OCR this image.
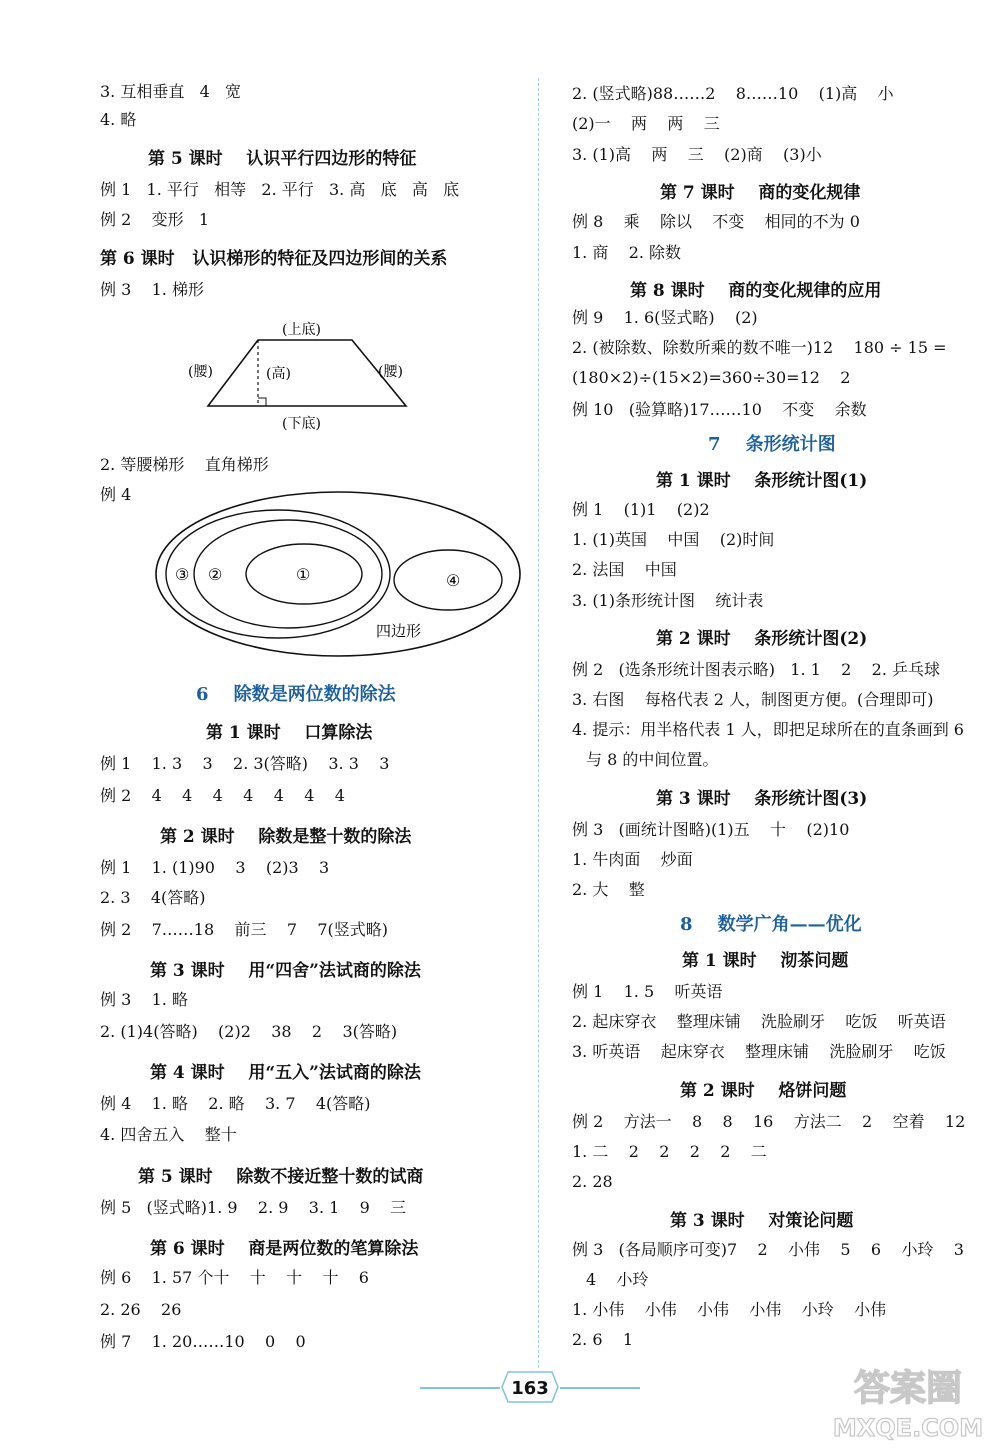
3. 互相垂直   4   宽
4. 略
第 5 课时    认识平行四边形的特征
例 1   1. 平行   相等   2. 平行   3. 高   底   高   底
例 2    变形   1
第 6 课时   认识梯形的特征及四边形间的关系
例 3    1. 梯形
(上底)
(腰)	(高)	(腰)
(下底)
2. 等腰梯形    直角梯形
例 4
①
②
③	④
四边形
6    除数是两位数的除法
第 1 课时    口算除法
例 1    1. 3    3    2. 3(答略)    3. 3    3
例 2    4    4    4    4    4    4    4
第 2 课时    除数是整十数的除法
例 1    1. (1)90    3    (2)3    3
2. 3    4(答略)
例 2    7……18    前三    7    7(竖式略)
第 3 课时    用“四舍”法试商的除法
例 3    1. 略
2. (1)4(答略)    (2)2    38    2    3(答略)
第 4 课时    用“五入”法试商的除法
例 4    1. 略    2. 略    3. 7    4(答略)
4. 四舍五入    整十
第 5 课时    除数不接近整十数的试商
例 5   (竖式略)1. 9    2. 9    3. 1    9    三
第 6 课时    商是两位数的笔算除法
例 6    1. 57 个十    十    十    十    6
2. 26    26
例 7    1. 20……10    0    0
2. (竖式略)88……2    8……10    (1)高    小
(2)一    两    两    三
3. (1)高    两    三    (2)商    (3)小
第 7 课时    商的变化规律
例 8    乘    除以    不变    相同的不为 0
1. 商    2. 除数
第 8 课时    商的变化规律的应用
例 9    1. 6(竖式略)    (2)
2. (被除数、除数所乘的数不唯一)12    180 ÷ 15 =
(180×2)÷(15×2)=360÷30=12    2
例 10   (验算略)17……10    不变    余数
7    条形统计图
第 1 课时    条形统计图(1)
例 1    (1)1    (2)2
1. (1)英国    中国    (2)时间
2. 法国    中国
3. (1)条形统计图    统计表
第 2 课时    条形统计图(2)
例 2   (选条形统计图表示略)   1. 1    2    2. 乒乓球
3. 右图    每格代表 2 人，制图更方便。(合理即可)
4. 提示：用半格代表 1 人，即把足球所在的直条画到 6
与 8 的中间位置。
第 3 课时    条形统计图(3)
例 3   (画统计图略)(1)五    十    (2)10
1. 牛肉面    炒面
2. 大    整
8    数学广角——优化
第 1 课时    沏茶问题
例 1    1. 5    听英语
2. 起床穿衣    整理床铺    洗脸刷牙    吃饭    听英语
3. 听英语    起床穿衣    整理床铺    洗脸刷牙    吃饭
第 2 课时    烙饼问题
例 2    方法一    8    8    16    方法二    2    空着    12
1. 二    2    2    2    2    二
2. 28
第 3 课时    对策论问题
例 3   (各局顺序可变)7    2    小伟    5    6    小玲    3
4    小玲
1. 小伟    小伟    小伟    小伟    小玲    小伟
2. 6    1
163	答案圈
MXQE.COM
